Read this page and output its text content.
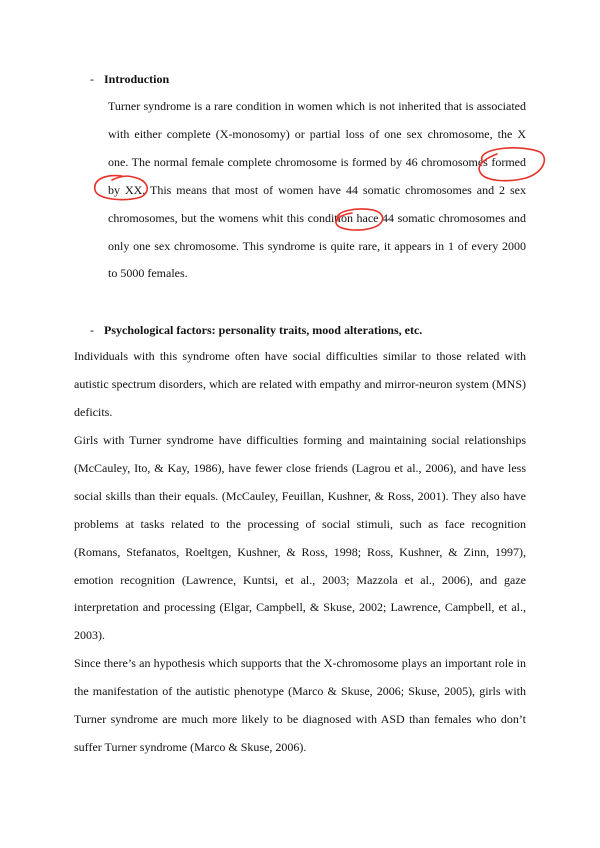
- Introduction
Turner syndrome is a rare condition in women which is not inherited that is associated
with either complete (X-monosomy) or partial loss of one sex chromosome, the X
one. The normal female complete chromosome is formed by 46 chromosomes formed
by XX. This means that most of women have 44 somatic chromosomes and 2 sex
chromosomes, but the womens whit this condition hace 44 somatic chromosomes and
only one sex chromosome. This syndrome is quite rare, it appears in 1 of every 2000
to 5000 females.
- Psychological factors: personality traits, mood alterations, etc.
Individuals with this syndrome often have social difficulties similar to those related with
autistic spectrum disorders, which are related with empathy and mirror-neuron system (MNS)
deficits.
Girls with Turner syndrome have difficulties forming and maintaining social relationships
(McCauley, Ito, & Kay, 1986), have fewer close friends (Lagrou et al., 2006), and have less
social skills than their equals. (McCauley, Feuillan, Kushner, & Ross, 2001). They also have
problems at tasks related to the processing of social stimuli, such as face recognition
(Romans, Stefanatos, Roeltgen, Kushner, & Ross, 1998; Ross, Kushner, & Zinn, 1997),
emotion recognition (Lawrence, Kuntsi, et al., 2003; Mazzola et al., 2006), and gaze
interpretation and processing (Elgar, Campbell, & Skuse, 2002; Lawrence, Campbell, et al.,
2003).
Since there’s an hypothesis which supports that the X-chromosome plays an important role in
the manifestation of the autistic phenotype (Marco & Skuse, 2006; Skuse, 2005), girls with
Turner syndrome are much more likely to be diagnosed with ASD than females who don’t
suffer Turner syndrome (Marco & Skuse, 2006).
